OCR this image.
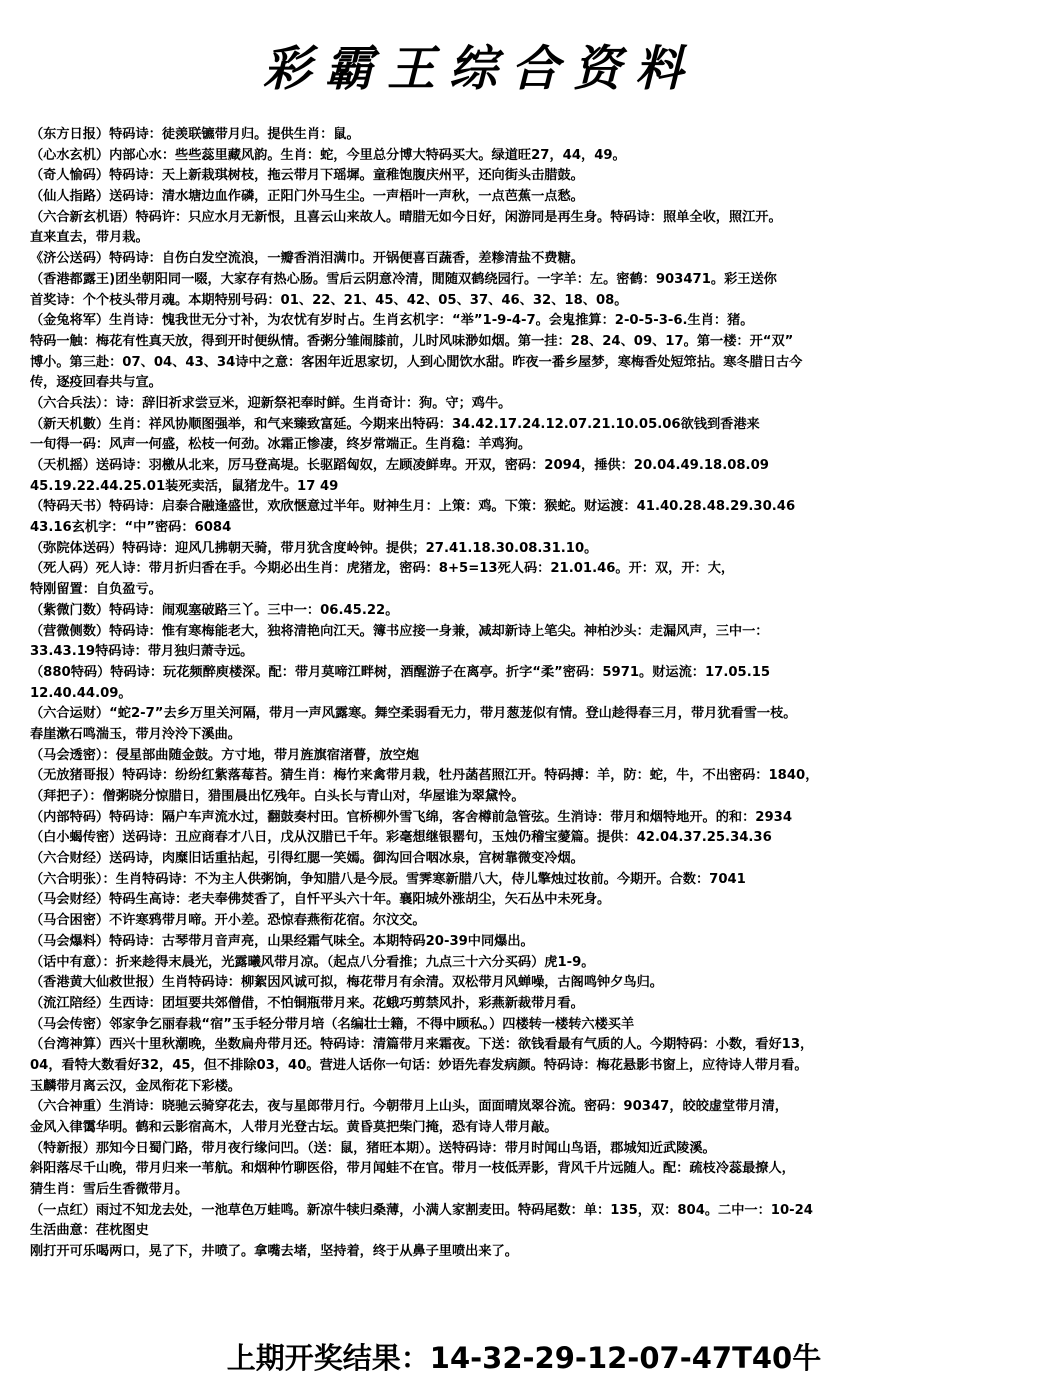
彩霸王综合资料
（东方日报）特码诗：徒羡联镳带月归。提供生肖：鼠。
（心水玄机）内部心水：些些蕊里藏风韵。生肖：蛇，今里总分博大特码买大。绿道旺27，44，49。
（奇人愉码）特码诗：天上新栽琪树枝，拖云带月下瑶墀。童稚饱腹庆州平，还向街头击腊鼓。
（仙人指路）送码诗：清水塘边血作磷，正阳门外马生尘。一声梧叶一声秋，一点芭蕉一点愁。
（六合新玄机语）特码许：只应水月无新恨，且喜云山来故人。晴腊无如今日好，闲游同是再生身。特码诗：照单全收，照江开。
直来直去，带月栽。
《济公送码）特码诗：自伤白发空流浪，一瓣香消泪满巾。开锅便喜百蔬香，差糁清盐不费糖。
（香港都露王)团坐朝阳同一啜，大家存有热心肠。雪后云阴意冷清，閒随双鹤绕园行。一字羊：左。密鹤：903471。彩王送你
首奖诗：个个枝头带月魂。本期特别号码：01、22、21、45、42、05、37、46、32、18、08。
（金兔将军）生肖诗：愧我世无分寸补，为农忧有岁时占。生肖玄机字：“举”1-9-4-7。会鬼推算：2-0-5-3-6.生肖：猪。
特码一触：梅花有性真天放，得到开时便纵情。香粥分雏闹膝前，儿时风味渺如烟。第一挂：28、24、09、17。第一楼：开“双”
博小。第三赴：07、04、43、34诗中之意：客困年近思家切，人到心閒饮水甜。昨夜一番乡屋梦，寒梅香处短筇拈。寒冬腊日古今
传，逐疫回春共与宣。
（六合兵法）：诗：辞旧祈求尝豆米，迎新祭祀奉时鲜。生肖奇计：狗。守；鸡牛。
（新天机數）生肖：祥风协顺图强举，和气来臻致富延。今期来出特码：34.42.17.24.12.07.21.10.05.06欲钱到香港来
一旬得一码：风声一何盛，松枝一何劲。冰霜正惨凄，终岁常端正。生肖稳：羊鸡狗。
（天机摇）送码诗：羽檄从北来，厉马登高堤。长驱蹈匈奴，左顾凌鲜卑。开双，密码：2094，捶供：20.04.49.18.08.09
45.19.22.44.25.01装死卖活，鼠猪龙牛。17 49
（特码天书）特码诗：启泰合融逢盛世，欢欣惬意过半年。财神生月：上策：鸡。下策：猴蛇。财运渡：41.40.28.48.29.30.46
43.16玄机字：“中”密码：6084
（弥院体送码）特码诗：迎风几拂朝天骑，带月犹含度岭钟。提供；27.41.18.30.08.31.10。
（死人码）死人诗：带月折归香在手。今期必出生肖：虎猪龙，密码：8+5=13死人码：21.01.46。开：双，开：大，
特刚留置：自负盈亏。
（紫微门数）特码诗：闹观塞破路三丫。三中一：06.45.22。
（营微侧数）特码诗：惟有寒梅能老大，独将清艳向江天。簿书应接一身兼，减却新诗上笔尖。神柏沙头：走漏风声，三中一：
33.43.19特码诗：带月独归萧寺远。
（880特码）特码诗：玩花频醉庾楼深。配：带月莫啼江畔树，酒醒游子在离亭。折字“柔”密码：5971。财运流：17.05.15
12.40.44.09。
（六合运财）“蛇2-7”去乡万里关河隔，带月一声风露寒。舞空柔弱看无力，带月葱茏似有情。登山趁得春三月，带月犹看雪一枝。
春崖漱石鸣湍玉，带月泠泠下溪曲。
（马会透密）：侵星部曲随金鼓。方寸地，带月旌旗宿渚瞢，放空炮
（无放猪哥报）特码诗：纷纷红紫落莓苔。猜生肖：梅竹来禽带月栽，牡丹菡萏照江开。特码搏：羊，防：蛇，牛，不出密码：1840，
（拜把子）：僧粥晓分惊腊日，猎围晨出忆残年。白头长与青山对，华屋谁为翠黛怜。
（内部特码）特码诗：隔户车声流水过，翻鼓奏村田。官桥柳外雪飞绵，客舍樽前急管弦。生消诗：带月和烟特地开。的和：2934
（白小蝎传密）送码诗：丑应商春才八日，戊从汉腊已千年。彩毫想继银罂句，玉烛仍稽宝薆篇。提供：42.04.37.25.34.36
（六合财经）送码诗，肉糜旧话重拈起，引得红腮一笑嫣。御沟回合咽冰泉，宫树靠微变冷烟。
（六合明张）：生肖特码诗：不为主人供粥饷，争知腊八是今辰。雪霁寒新腊八大，侍儿擎烛过妆前。今期开。合数：7041
（马会财经）特码生高诗：老夫奉佛焚香了，自忏平头六十年。襄阳城外涨胡尘，矢石丛中未死身。
（马合困密）不许寒鸦带月啼。开小差。恐惊春燕衔花宿。尔汶交。
（马会爆料）特码诗：古琴带月音声亮，山果经霜气味全。本期特码20-39中同爆出。
（话中有意）：折来趁得末晨光，光露曦风带月凉。（起点八分看推；九点三十六分买码）虎1-9。
（香港黄大仙救世报）生肖特码诗：柳絮因风诚可拟，梅花带月有余清。双松带月风蝉噪，古阁鸣钟夕鸟归。
（流江陪经）生西诗：团垣要共郊僧借，不怕铜瓶带月来。花蛾巧剪禁风扑，彩燕新裁带月看。
（马会传密）邻家争乞丽春栽“宿”玉手轻分带月培（名编壮士籍，不得中顾私。）四楼转一楼转六楼买羊
（台湾神算）西兴十里秋潮晚，坐数扁舟带月还。特码诗：清篇带月来霜夜。下送：欲钱看最有气质的人。今期特码：小数，看好13，
04，看特大数看好32，45，但不排除03，40。营进人话你一句话：妙语先春发病颜。特码诗：梅花悬影书窗上，应待诗人带月看。
玉麟带月离云汉，金凤衔花下彩楼。
（六合神重）生消诗：晓驰云骑穿花去，夜与星郎带月行。今朝带月上山头，面面晴岚翠谷流。密码：90347，皎皎虚堂带月清，
金风入律霭华明。鹤和云影宿高木，人带月光登古坛。黄昏莫把柴门掩，恐有诗人带月敲。
（特新报）那知今日蜀门路，带月夜行缘问凹。（送：鼠，猪旺本期）。送特码诗：带月时闻山鸟语，郡城知近武陵溪。
斜阳落尽千山晚，带月归来一苇航。和烟种竹聊医俗，带月闻蛙不在官。带月一枝低弄影，背风千片远随人。配：疏枝冷蕊最撩人，
猜生肖：雪后生香微带月。
（一点红）雨过不知龙去处，一池草色万蛙鸣。新凉牛犊归桑薄，小满人家割麦田。特码尾数：单：135，双：804。二中一：10-24
生活曲意：荏枕图史
刚打开可乐喝两口，晃了下，井喷了。拿嘴去堵，坚持着，终于从鼻子里喷出来了。
上期开奖结果：14-32-29-12-07-47T40牛
